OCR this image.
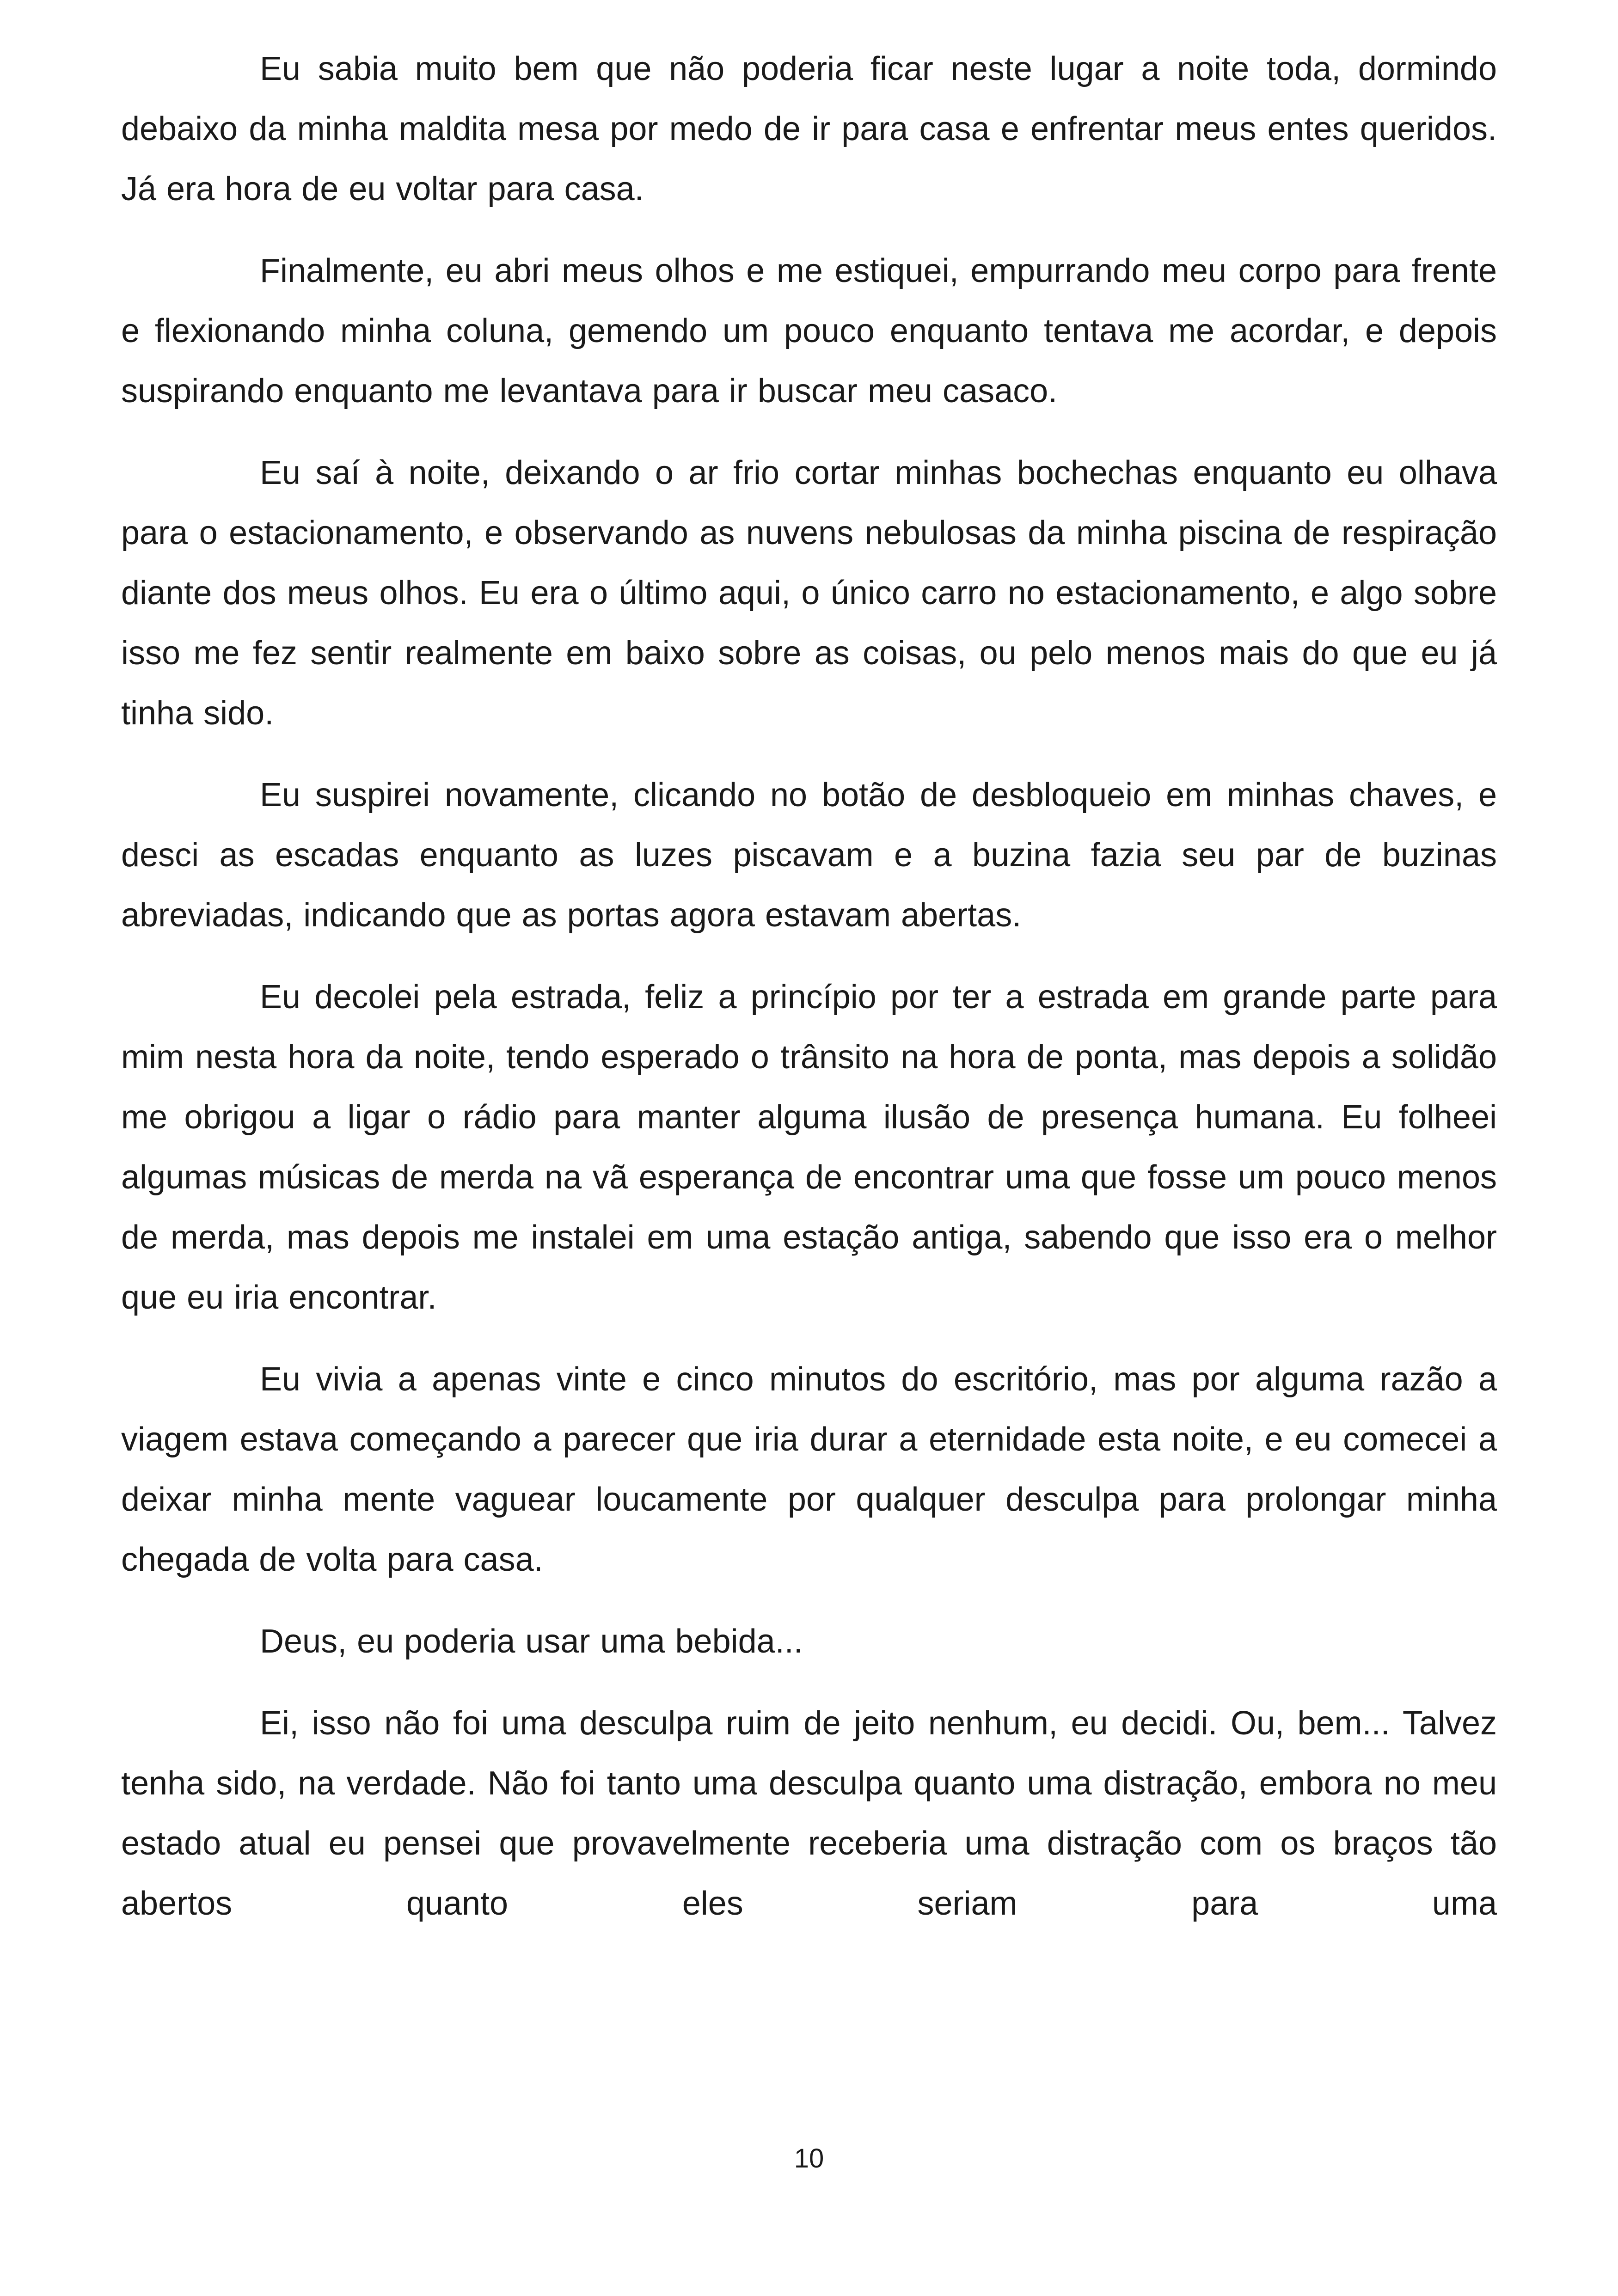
Eu sabia muito bem que não poderia ficar neste lugar a noite toda, dormindo debaixo da minha maldita mesa por medo de ir para casa e enfrentar meus entes queridos. Já era hora de eu voltar para casa.

Finalmente, eu abri meus olhos e me estiquei, empurrando meu corpo para frente e flexionando minha coluna, gemendo um pouco enquanto tentava me acordar, e depois suspirando enquanto me levantava para ir buscar meu casaco.

Eu saí à noite, deixando o ar frio cortar minhas bochechas enquanto eu olhava para o estacionamento, e observando as nuvens nebulosas da minha piscina de respiração diante dos meus olhos. Eu era o último aqui, o único carro no estacionamento, e algo sobre isso me fez sentir realmente em baixo sobre as coisas, ou pelo menos mais do que eu já tinha sido.

Eu suspirei novamente, clicando no botão de desbloqueio em minhas chaves, e desci as escadas enquanto as luzes piscavam e a buzina fazia seu par de buzinas abreviadas, indicando que as portas agora estavam abertas.

Eu decolei pela estrada, feliz a princípio por ter a estrada em grande parte para mim nesta hora da noite, tendo esperado o trânsito na hora de ponta, mas depois a solidão me obrigou a ligar o rádio para manter alguma ilusão de presença humana. Eu folheei algumas músicas de merda na vã esperança de encontrar uma que fosse um pouco menos de merda, mas depois me instalei em uma estação antiga, sabendo que isso era o melhor que eu iria encontrar.

Eu vivia a apenas vinte e cinco minutos do escritório, mas por alguma razão a viagem estava começando a parecer que iria durar a eternidade esta noite, e eu comecei a deixar minha mente vaguear loucamente por qualquer desculpa para prolongar minha chegada de volta para casa.

Deus, eu poderia usar uma bebida...

Ei, isso não foi uma desculpa ruim de jeito nenhum, eu decidi. Ou, bem... Talvez tenha sido, na verdade. Não foi tanto uma desculpa quanto uma distração, embora no meu estado atual eu pensei que provavelmente receberia uma distração com os braços tão abertos quanto eles seriam para uma

10
